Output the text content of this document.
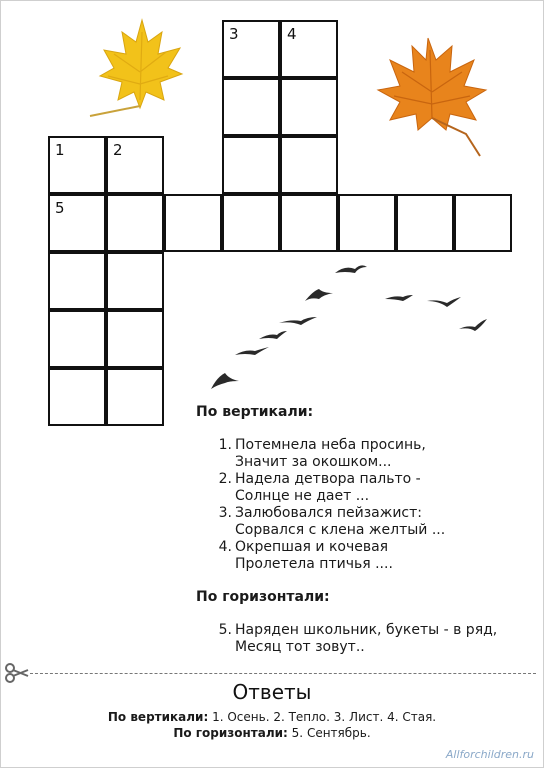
1	2
3	4
5
По вертикали:
1. Потемнела неба просинь,
Значит за окошком...
2. Надела детвора пальто -
Солнце не дает ...
3. Залюбовался пейзажист:
Сорвался с клена желтый ...
4. Окрепшая и кочевая
Пролетела птичья ....
По горизонтали:
5. Наряден школьник, букеты - в ряд,
Месяц тот зовут..
Ответы
По вертикали: 1. Осень. 2. Тепло. 3. Лист. 4. Стая.
По горизонтали: 5. Сентябрь.
Allforchildren.ru
